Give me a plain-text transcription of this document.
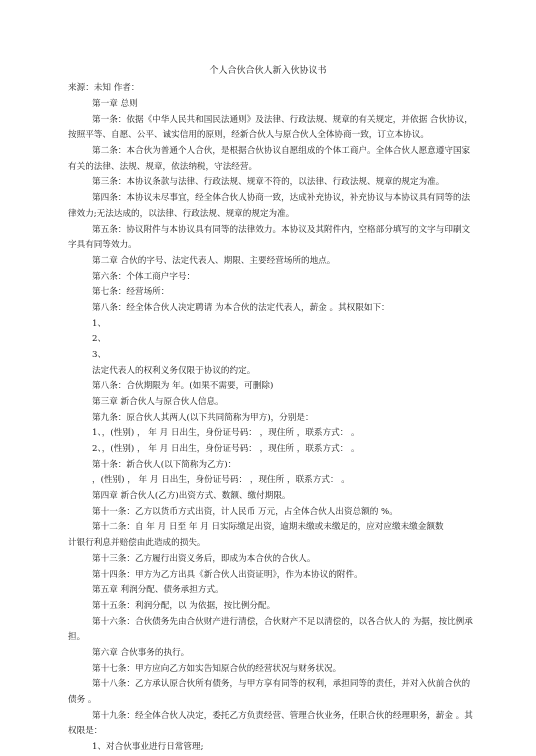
个人合伙合伙人新入伙协议书
来源：未知 作者：
第一章 总则
第一条：依据《中华人民共和国民法通则》及法律、行政法规、规章的有关规定，并依据 合伙协议，
按照平等、自愿、公平、诚实信用的原则，经新合伙人与原合伙人全体协商一致，订立本协议。
第二条：本合伙为普通个人合伙，是根据合伙协议自愿组成的个体工商户。全体合伙人愿意遵守国家
有关的法律、法规、规章，依法纳税，守法经营。
第三条：本协议条款与法律、行政法规、规章不符的，以法律、行政法规、规章的规定为准。
第四条：本协议未尽事宜，经全体合伙人协商一致，达成补充协议，补充协议与本协议具有同等的法
律效力;无法达成的，以法律、行政法规、规章的规定为准。
第五条：协议附件与本协议具有同等的法律效力。本协议及其附件内，空格部分填写的文字与印刷文
字具有同等效力。
第二章 合伙的字号、法定代表人、期限、主要经营场所的地点。
第六条：个体工商户字号：
第七条：经营场所：
第八条：经全体合伙人决定聘请 为本合伙的法定代表人，薪金 。其权限如下：
1、
2、
3、
法定代表人的权利义务仅限于协议的约定。
第八条：合伙期限为 年。(如果不需要，可删除)
第三章 新合伙人与原合伙人信息。
第九条：原合伙人其两人(以下共同简称为甲方)，分别是：
1、，(性别) ， 年 月 日出生，身份证号码： ，现住所 ，联系方式： 。
2、，(性别) ， 年 月 日出生，身份证号码： ，现住所 ，联系方式： 。
第十条：新合伙人(以下简称为乙方)：
，(性别) ， 年 月 日出生，身份证号码： ，现住所 ，联系方式： 。
第四章 新合伙人(乙方)出资方式、数额、缴付期限。
第十一条：乙方以货币方式出资，计人民币 万元，占全体合伙人出资总额的 %。
第十二条：自 年 月 日至 年 月 日实际缴足出资，逾期未缴或未缴足的，应对应缴未缴金额数
计银行利息并赔偿由此造成的损失。
第十三条：乙方履行出资义务后，即成为本合伙的合伙人。
第十四条：甲方为乙方出具《新合伙人出资证明》，作为本协议的附件。
第五章 利润分配、债务承担方式。
第十五条：利润分配，以 为依据，按比例分配。
第十六条：合伙债务先由合伙财产进行清偿，合伙财产不足以清偿的，以各合伙人的 为据，按比例承
担。
第六章 合伙事务的执行。
第十七条：甲方应向乙方如实告知原合伙的经营状况与财务状况。
第十八条：乙方承认原合伙所有债务，与甲方享有同等的权利，承担同等的责任，并对入伙前合伙的
债务 。
第十九条：经全体合伙人决定，委托乙方负责经营、管理合伙业务，任职合伙的经理职务，薪金 。其
权限是：
1、对合伙事业进行日常管理;
